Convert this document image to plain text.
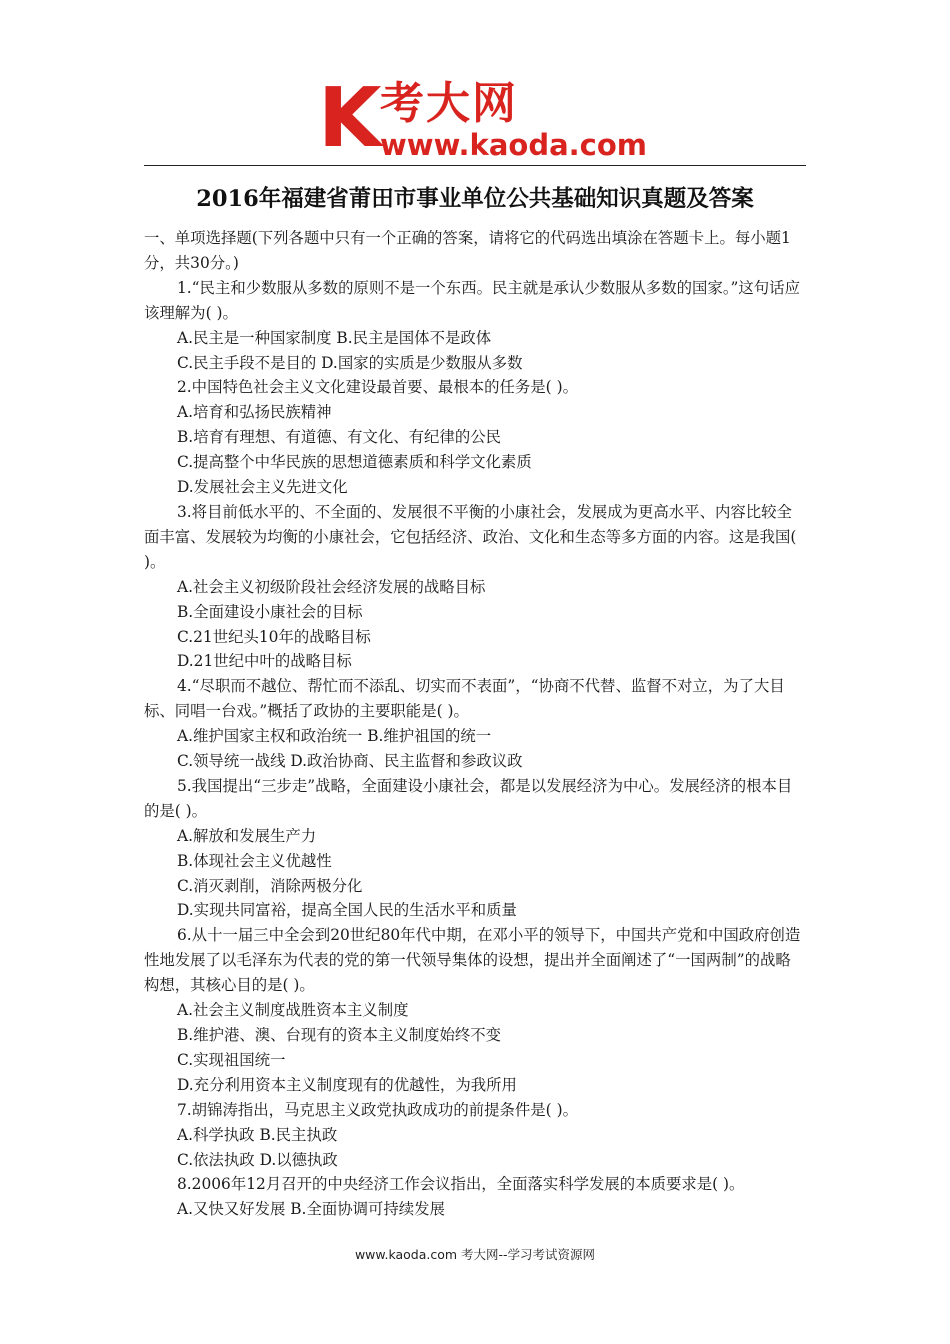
K 考大网
www.kaoda.com
2016年福建省莆田市事业单位公共基础知识真题及答案

一、单项选择题(下列各题中只有一个正确的答案，请将它的代码选出填涂在答题卡上。每小题1分，共30分。)

1.“民主和少数服从多数的原则不是一个东西。民主就是承认少数服从多数的国家。”这句话应该理解为( )。

A.民主是一种国家制度 B.民主是国体不是政体

C.民主手段不是目的 D.国家的实质是少数服从多数

2.中国特色社会主义文化建设最首要、最根本的任务是( )。

A.培育和弘扬民族精神

B.培育有理想、有道德、有文化、有纪律的公民

C.提高整个中华民族的思想道德素质和科学文化素质

D.发展社会主义先进文化

3.将目前低水平的、不全面的、发展很不平衡的小康社会，发展成为更高水平、内容比较全面丰富、发展较为均衡的小康社会，它包括经济、政治、文化和生态等多方面的内容。这是我国( )。

A.社会主义初级阶段社会经济发展的战略目标

B.全面建设小康社会的目标

C.21世纪头10年的战略目标

D.21世纪中叶的战略目标

4.“尽职而不越位、帮忙而不添乱、切实而不表面”，“协商不代替、监督不对立，为了大目标、同唱一台戏。”概括了政协的主要职能是( )。

A.维护国家主权和政治统一 B.维护祖国的统一

C.领导统一战线 D.政治协商、民主监督和参政议政

5.我国提出“三步走”战略，全面建设小康社会，都是以发展经济为中心。发展经济的根本目的是( )。

A.解放和发展生产力

B.体现社会主义优越性

C.消灭剥削，消除两极分化

D.实现共同富裕，提高全国人民的生活水平和质量

6.从十一届三中全会到20世纪80年代中期，在邓小平的领导下，中国共产党和中国政府创造性地发展了以毛泽东为代表的党的第一代领导集体的设想，提出并全面阐述了“一国两制”的战略构想，其核心目的是( )。

A.社会主义制度战胜资本主义制度

B.维护港、澳、台现有的资本主义制度始终不变

C.实现祖国统一

D.充分利用资本主义制度现有的优越性，为我所用

7.胡锦涛指出，马克思主义政党执政成功的前提条件是( )。

A.科学执政 B.民主执政

C.依法执政 D.以德执政

8.2006年12月召开的中央经济工作会议指出，全面落实科学发展的本质要求是( )。

A.又快又好发展 B.全面协调可持续发展

www.kaoda.com 考大网--学习考试资源网
